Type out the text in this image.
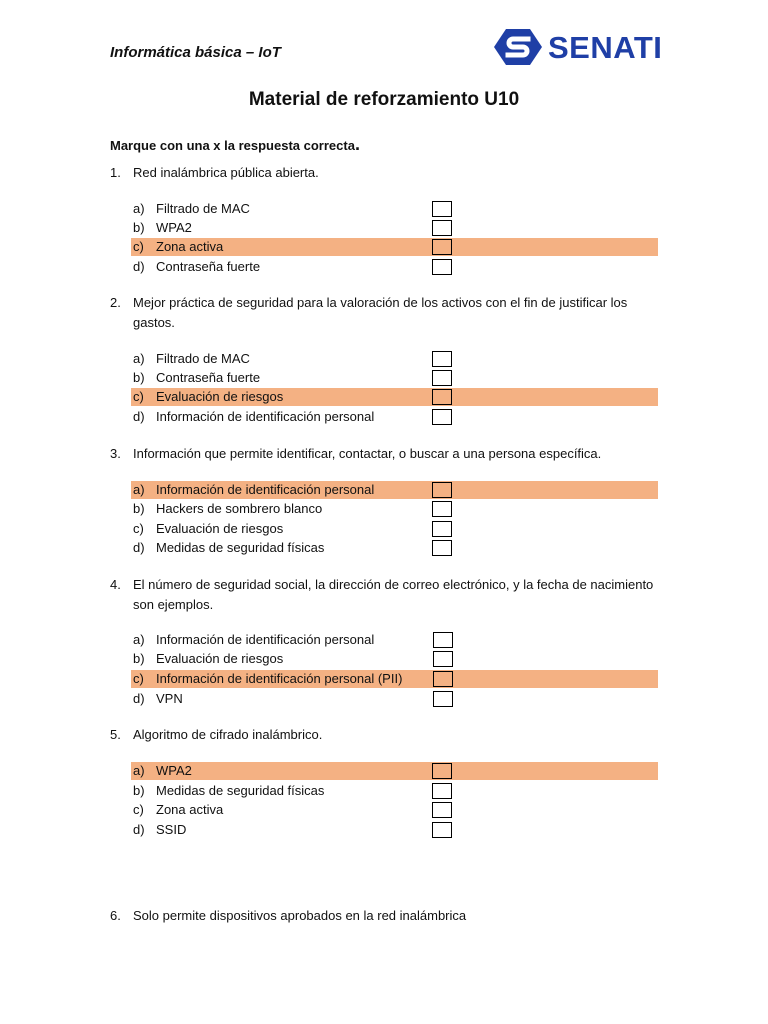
Informática básica – IoT	SENATI
Material de reforzamiento U10
Marque con una x la respuesta correcta.
1. Red inalámbrica pública abierta.
a) Filtrado de MAC
b) WPA2
c) Zona activa
d) Contraseña fuerte
2. Mejor práctica de seguridad para la valoración de los activos con el fin de justificar los gastos.
a) Filtrado de MAC
b) Contraseña fuerte
c) Evaluación de riesgos
d) Información de identificación personal
3. Información que permite identificar, contactar, o buscar a una persona específica.
a) Información de identificación personal
b) Hackers de sombrero blanco
c) Evaluación de riesgos
d) Medidas de seguridad físicas
4. El número de seguridad social, la dirección de correo electrónico, y la fecha de nacimiento son ejemplos.
a) Información de identificación personal
b) Evaluación de riesgos
c) Información de identificación personal (PII)
d) VPN
5. Algoritmo de cifrado inalámbrico.
a) WPA2
b) Medidas de seguridad físicas
c) Zona activa
d) SSID
6. Solo permite dispositivos aprobados en la red inalámbrica
